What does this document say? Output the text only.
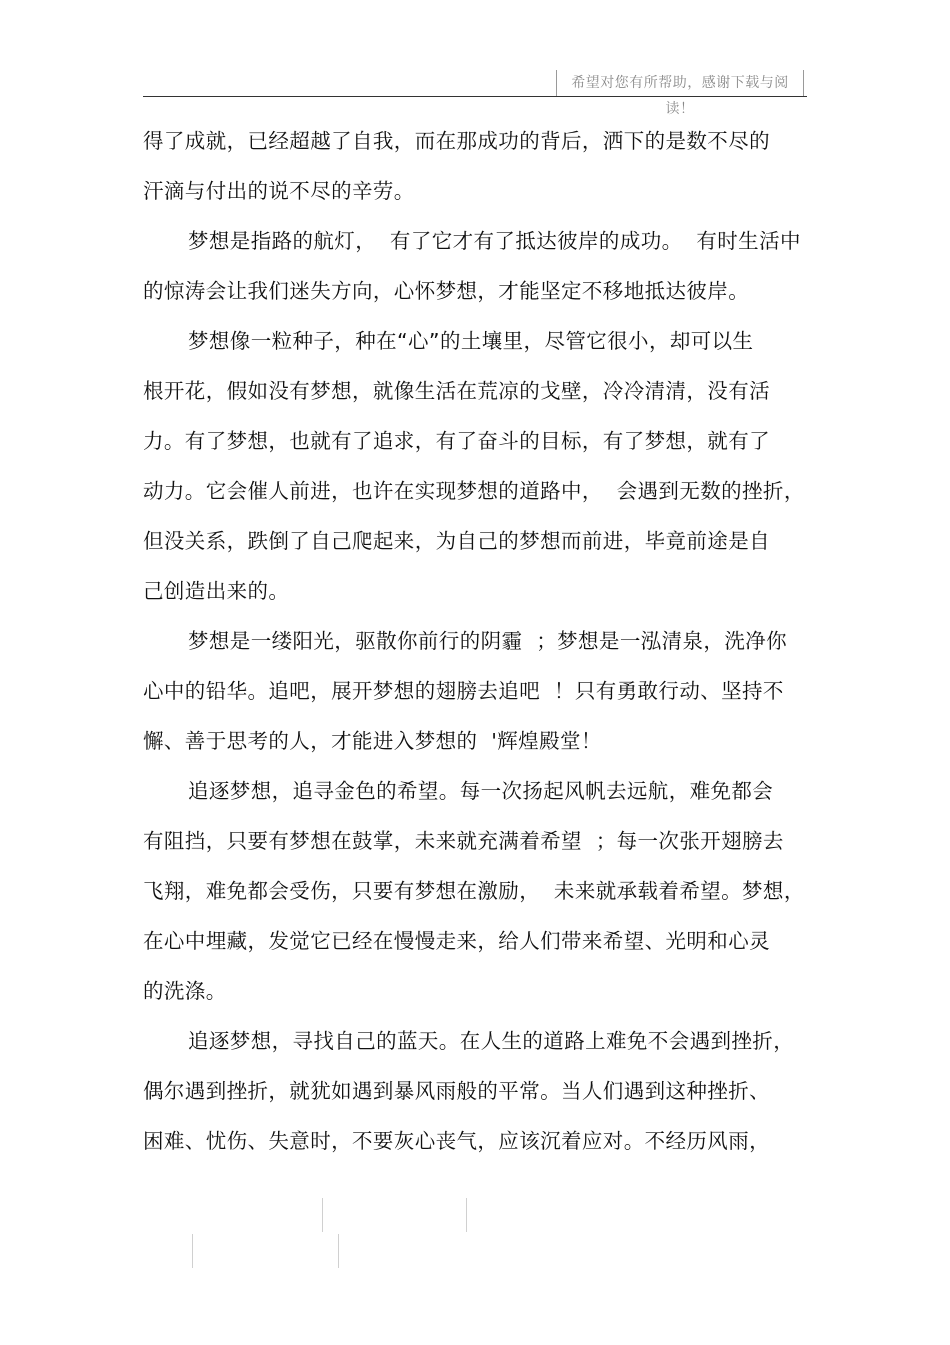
希望对您有所帮助，感谢下载与阅读！
得了成就，已经超越了自我，而在那成功的背后，洒下的是数不尽的
汗滴与付出的说不尽的辛劳。
梦想是指路的航灯，  有了它才有了抵达彼岸的成功。  有时生活中
的惊涛会让我们迷失方向，心怀梦想，才能坚定不移地抵达彼岸。
梦想像一粒种子，种在“心”的土壤里，尽管它很小，却可以生
根开花，假如没有梦想，就像生活在荒凉的戈壁，冷冷清清，没有活
力。有了梦想，也就有了追求，有了奋斗的目标，有了梦想，就有了
动力。它会催人前进，也许在实现梦想的道路中，  会遇到无数的挫折，
但没关系，跌倒了自己爬起来，为自己的梦想而前进，毕竟前途是自
己创造出来的。
梦想是一缕阳光，驱散你前行的阴霾  ；梦想是一泓清泉，洗净你
心中的铅华。追吧，展开梦想的翅膀去追吧  ！只有勇敢行动、坚持不
懈、善于思考的人，才能进入梦想的  '辉煌殿堂！
追逐梦想，追寻金色的希望。每一次扬起风帆去远航，难免都会
有阻挡，只要有梦想在鼓掌，未来就充满着希望  ；每一次张开翅膀去
飞翔，难免都会受伤，只要有梦想在激励，  未来就承载着希望。梦想，
在心中埋藏，发觉它已经在慢慢走来，给人们带来希望、光明和心灵
的洗涤。
追逐梦想，寻找自己的蓝天。在人生的道路上难免不会遇到挫折，
偶尔遇到挫折，就犹如遇到暴风雨般的平常。当人们遇到这种挫折、
困难、忧伤、失意时，不要灰心丧气，应该沉着应对。不经历风雨，
